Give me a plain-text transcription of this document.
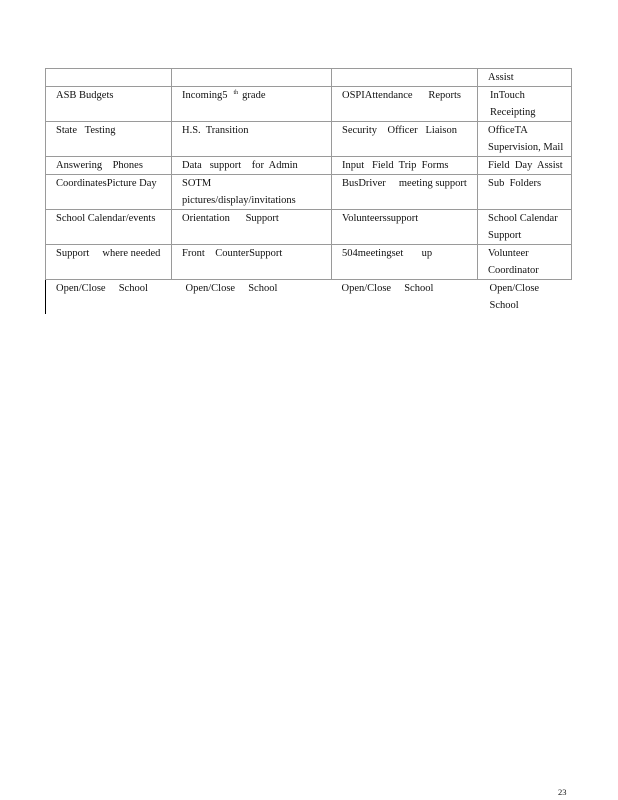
			Assist
ASB Budgets	Incoming5 $^{th}$ grade	OSPIAttendance      Reports	InTouch Receipting
State   Testing	H.S.  Transition	Security    Officer   Liaison	OfficeTA Supervision, Mail
Answering    Phones	Data   support    for  Admin	Input   Field  Trip  Forms	Field  Day  Assist
CoordinatesPicture Day	SOTM pictures/display/invitations	BusDriver     meeting support	Sub  Folders
School Calendar/events	Orientation      Support	Volunteerssupport	School Calendar Support
Support     where needed	Front    CounterSupport	504meetingset       up	Volunteer Coordinator
Open/Close     School	Open/Close     School	Open/Close     School	Open/Close School
23
